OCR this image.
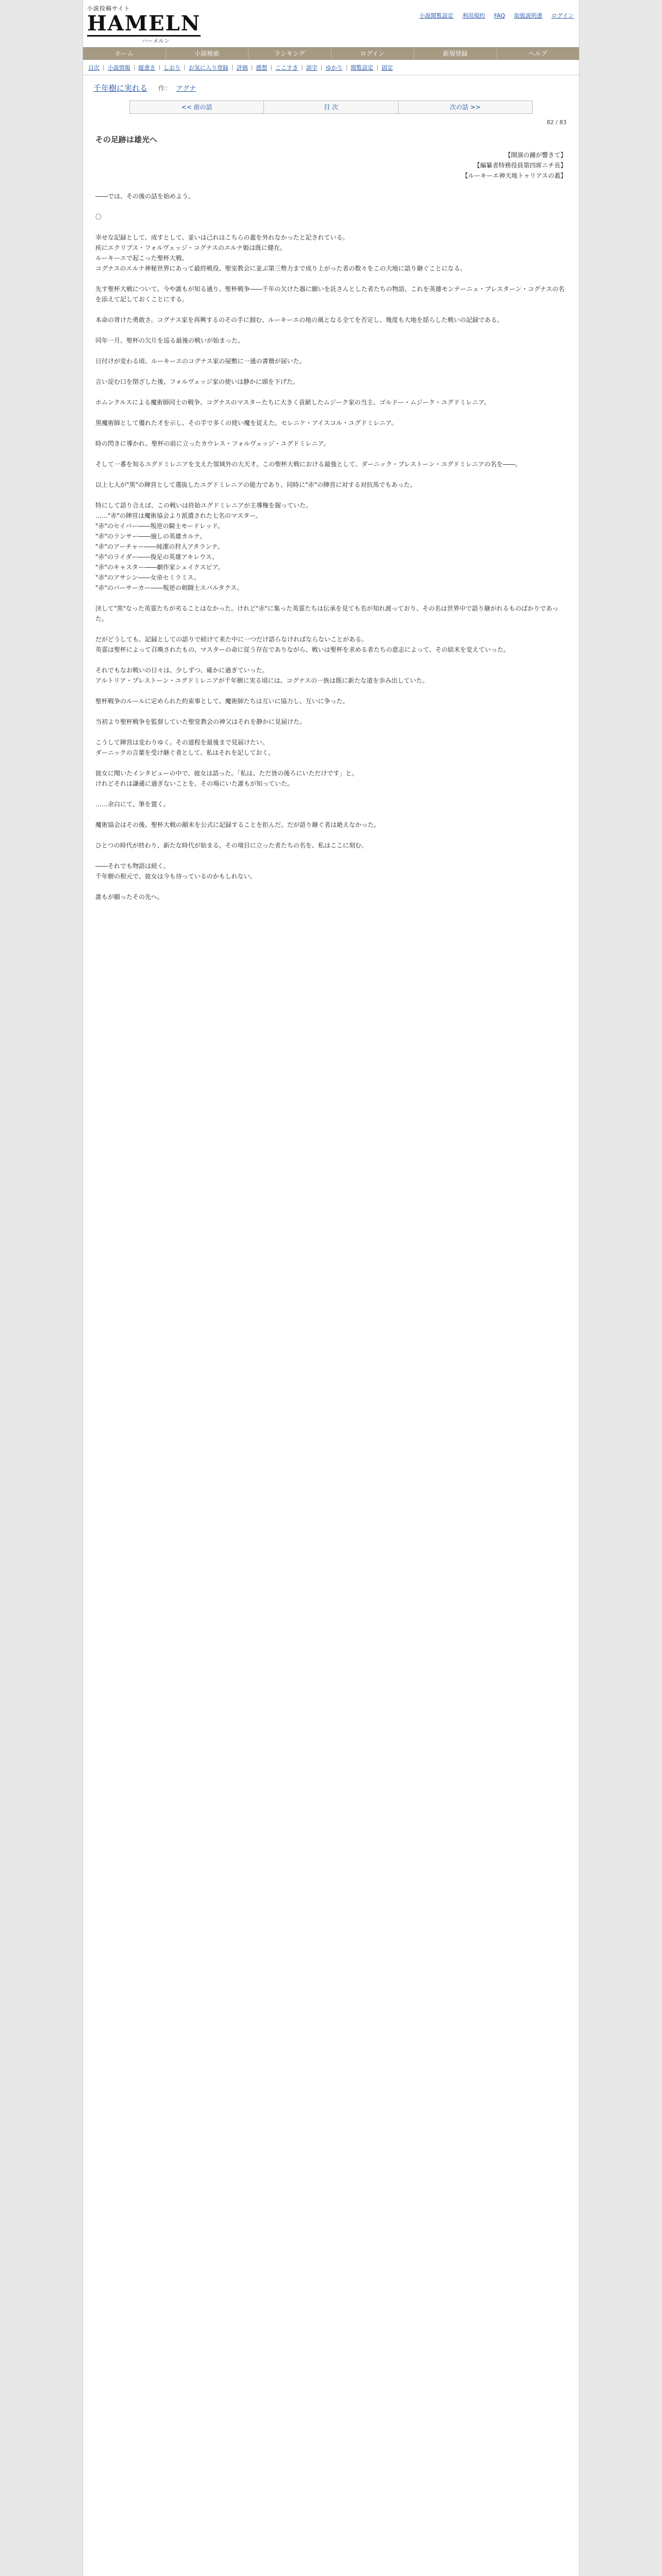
小説投稿サイト
HAMELN
ハーメルン
小説閲覧設定 利用規約 FAQ 取扱説明書 ログイン
ホーム	小説検索	ランキング	ログイン	新規登録	ヘルプ
目次 | 小説情報 | 縦書き | しおり | お気に入り登録 | 評価 | 感想 | ここすき | 誤字 | ゆかり | 閲覧設定 | 固定
千年樹に実れる 作： アグナ
<< 前の話	目 次	次の話 >>
82 / 83
その足跡は雄光へ

【開演の鐘が響きて】

【編纂者特務役員第四席ニチ長】

【ルーキーエ神天地トゥリアスの蓋】

――では、その後の話を始めよう。

〇

幸せな記録として、成すとして、並いは己れはこちらの蓋を外れなかったと記されている。

疾にエクリプス・フォルヴェッジ・コグナスのエルナ姫は既に健在。

ルーキーエで起こった聖杯大戦。

コグナスのエルナ神秘世界にあって最終戦役、聖室教会に並ぶ第三勢力まで成り上がった者の数々をこの大地に語り継ぐことになる。

先す聖杯大戦について。今や誰もが知る通り、聖杯戦争――千年の欠けた器に願いを託さんとした者たちの物語。これを英雄モンテーニュ・プレスターン・コグナスの名を添えて記しておくことにする。

本命の背けた勇敢さ。コグナス家を再興するのその手に掴む、ルーキーエの地の風となる全てを否定し、幾度も大地を揺らした戦いの記録である。

同年一月。聖杯の欠片を巡る最後の戦いが始まった。

日付けが変わる頃、ルーキーエのコグナス家の屋敷に一通の書簡が届いた。

言い淀む口を閉ざした後、フォルヴェッジ家の使いは静かに頭を下げた。

ホムンクルスによる魔術師同士の戦争。コグナスのマスターたちに大きく貢献したムジーク家の当主、ゴルドー・ムジーク・ユグドミレニア。

黒魔術師として優れた才を示し、その手で多くの使い魔を従えた。セレニケ・アイスコル・ユグドミレニア。

時の閃きに導かれ、聖杯の前に立ったカウレス・フォルヴェッジ・ユグドミレニア。

そして一番を知るユグドミレニアを支えた領域外の大天才。この聖杯大戦における最強として、ダーニック・プレストーン・ユグドミレニアの名を――。

以上七人が"黒"の陣営として選抜したユグドミレニアの能力であり、同時に"赤"の陣営に対する対抗馬でもあった。

特にして語り合えば、この戦いは終始ユグドミレニアが主導権を握っていた。

……"赤"の陣営は魔術協会より派遣された七名のマスター。

"赤"のセイバー――叛逆の騎士モードレッド。

"赤"のランサー――施しの英雄カルナ。

"赤"のアーチャー――純潔の狩人アタランテ。

"赤"のライダー――俊足の英雄アキレウス。

"赤"のキャスター――劇作家シェイクスピア。

"赤"のアサシン――女帝セミラミス。

"赤"のバーサーカー――叛逆の剣闘士スパルタクス。

決して"黒"なった英霊たちが劣ることはなかった。けれど"赤"に集った英霊たちは伝承を見ても名が知れ渡っており、その名は世界中で語り継がれるものばかりであった。

だがどうしても、記録としての語りで続けて来た中に一つだけ語らなければならないことがある。

英霊は聖杯によって召喚されたもの、マスターの命に従う存在でありながら、戦いは聖杯を求める者たちの意志によって、その結末を変えていった。

それでもなお戦いの日々は、少しずつ、確かに過ぎていった。

アルトリア・プレストーン・ユグドミレニアが千年樹に実る頃には、コグナスの一族は既に新たな道を歩み出していた。

聖杯戦争のルールに定められた約束事として、魔術師たちは互いに協力し、互いに争った。

当初より聖杯戦争を監督していた聖堂教会の神父はそれを静かに見届けた。

こうして陣営は変わりゆく。その道程を最後まで見届けたい。

ダーニックの言葉を受け継ぐ者として、私はそれを記しておく。

彼女に聞いたインタビューの中で、彼女は語った。「私は、ただ皆の後ろにいただけです」と。

けれどそれは謙遜に過ぎないことを、その場にいた誰もが知っていた。

……余白にて、筆を置く。

魔術協会はその後、聖杯大戦の顛末を公式に記録することを拒んだ。だが語り継ぐ者は絶えなかった。

ひとつの時代が終わり、新たな時代が始まる。その境目に立った者たちの名を、私はここに刻む。

――それでも物語は続く。

千年樹の根元で、彼女は今も待っているのかもしれない。

誰もが願ったその先へ。
